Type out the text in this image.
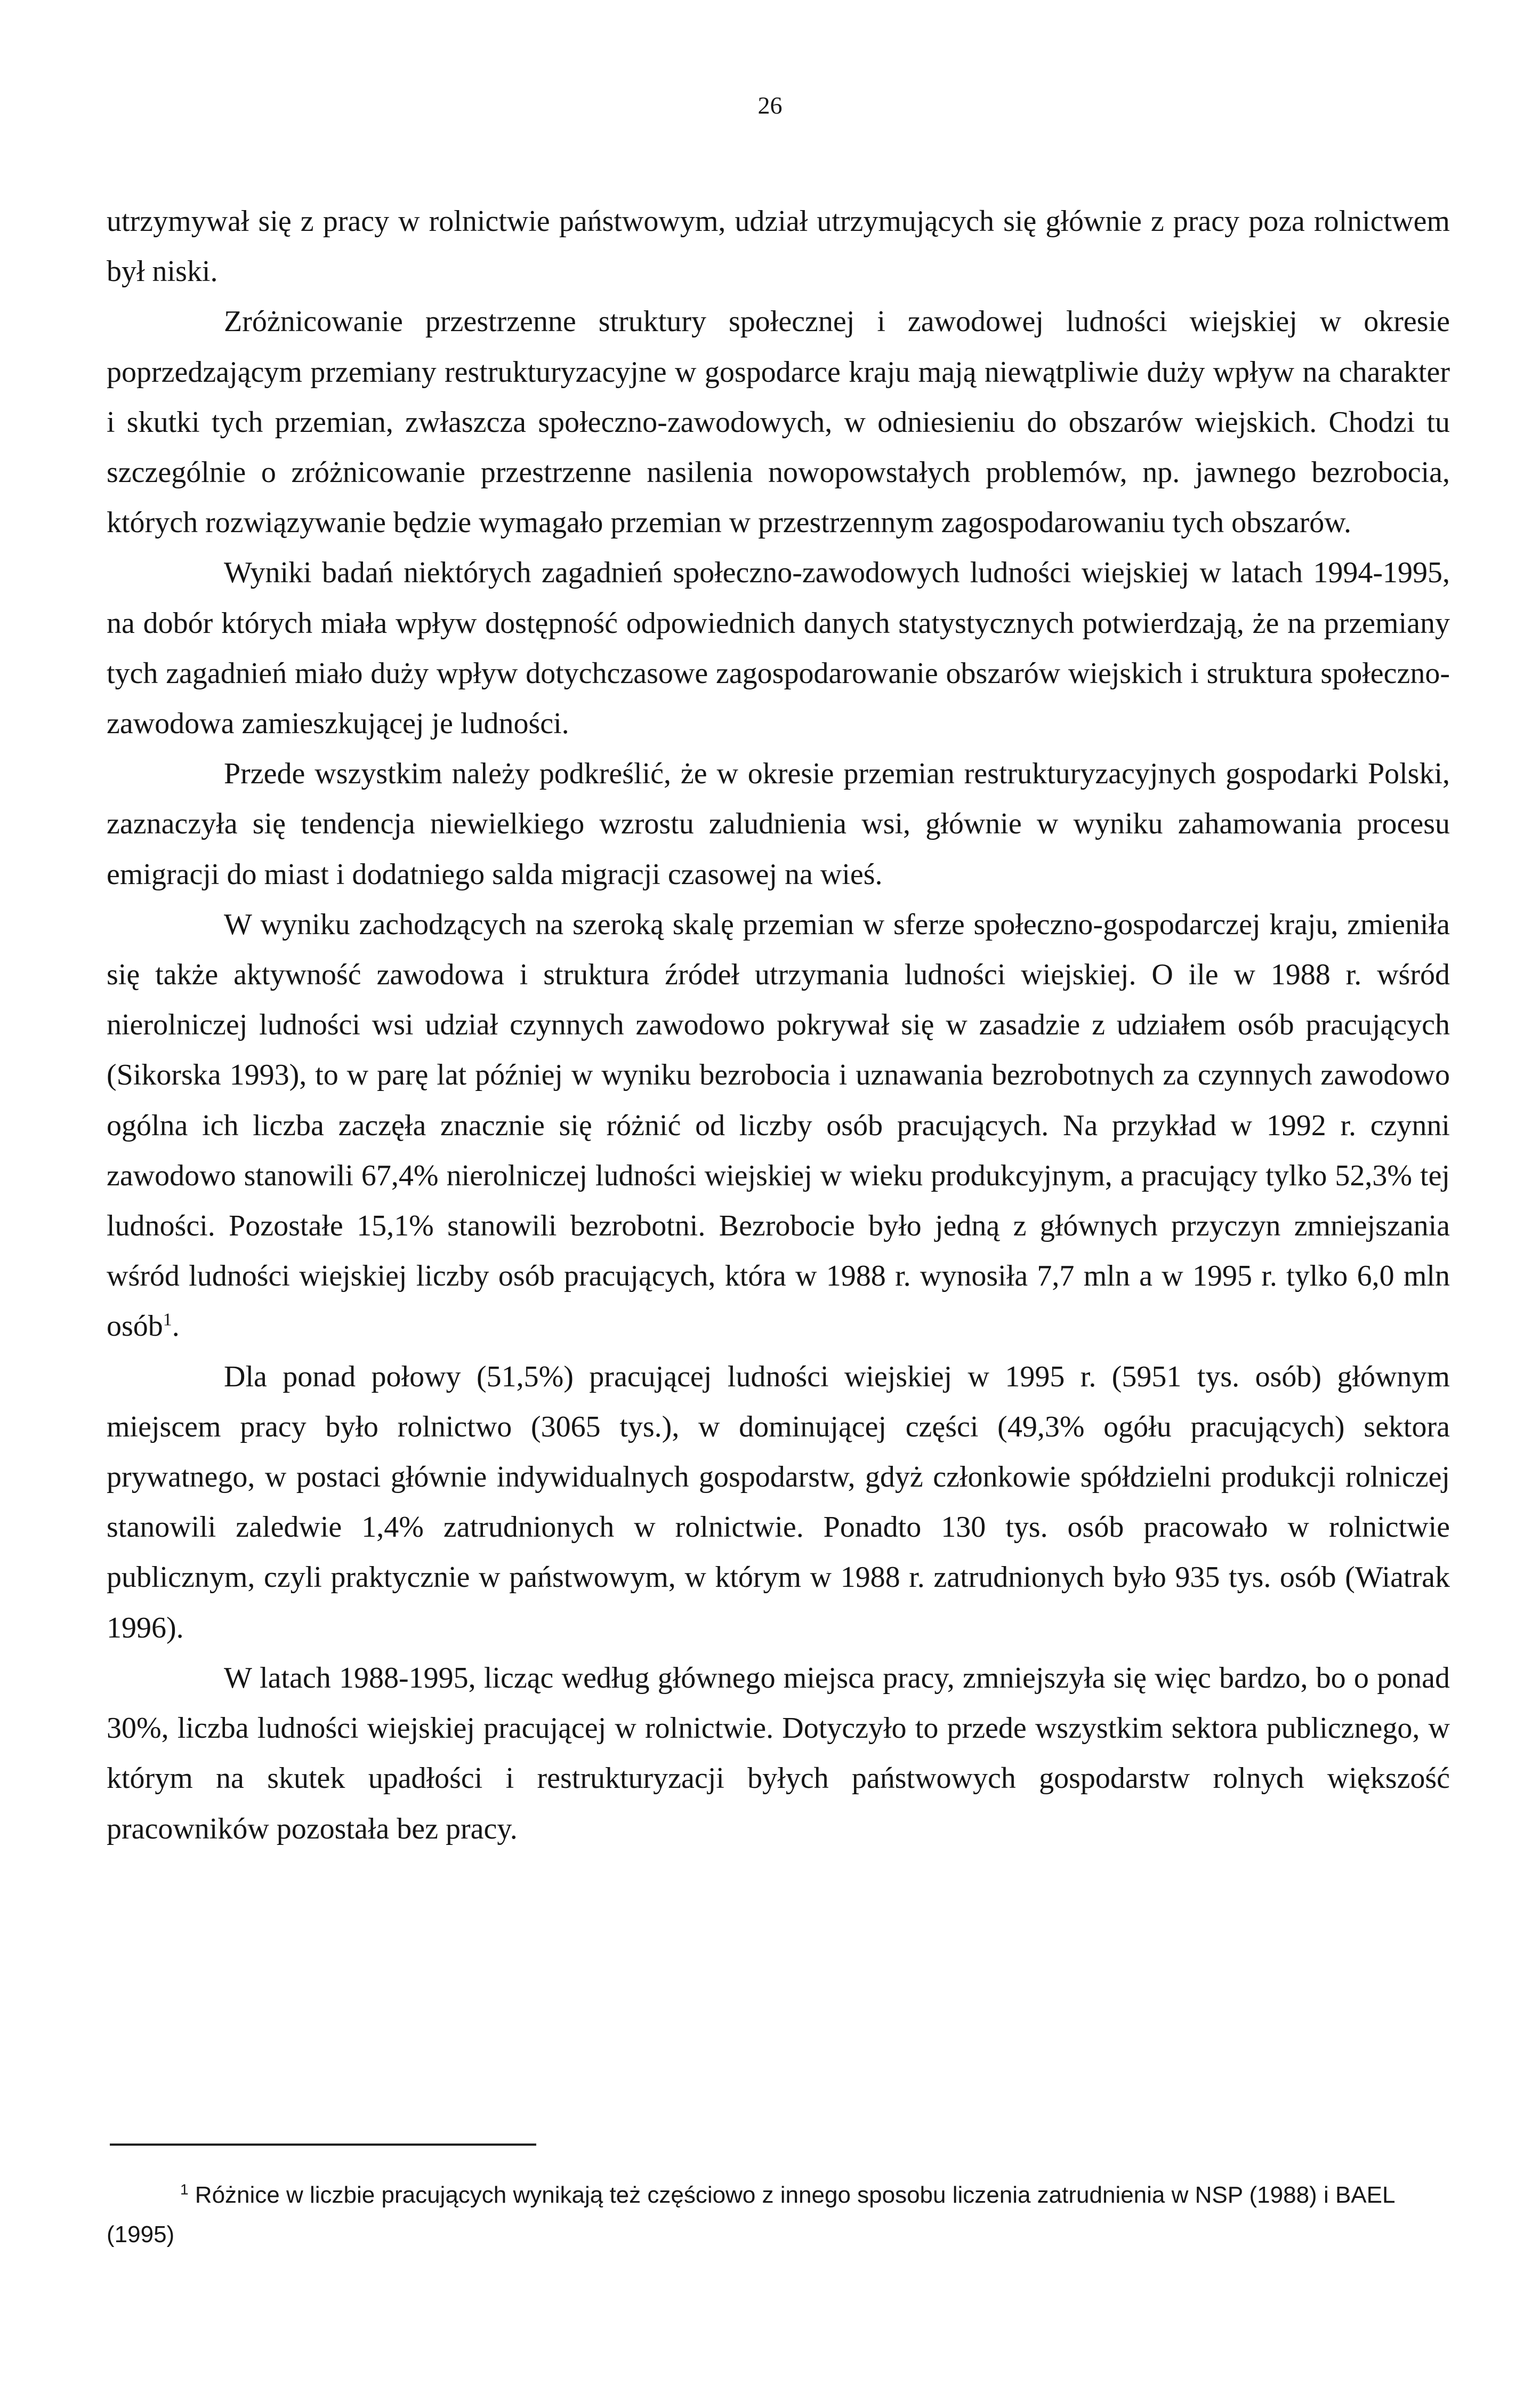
26

utrzymywał się z pracy w rolnictwie państwowym, udział utrzymujących się głównie z pracy poza rolnictwem był niski.

Zróżnicowanie przestrzenne struktury społecznej i zawodowej ludności wiejskiej w okresie poprzedzającym przemiany restrukturyzacyjne w gospodarce kraju mają niewątpliwie duży wpływ na charakter i skutki tych przemian, zwłaszcza społeczno-zawodowych, w odniesieniu do obszarów wiejskich. Chodzi tu szczególnie o zróżnicowanie przestrzenne nasilenia nowopowstałych problemów, np. jawnego bezrobocia, których rozwiązywanie będzie wymagało przemian w przestrzennym zagospodarowaniu tych obszarów.

Wyniki badań niektórych zagadnień społeczno-zawodowych ludności wiejskiej w latach 1994-1995, na dobór których miała wpływ dostępność odpowiednich danych statystycznych potwierdzają, że na przemiany tych zagadnień miało duży wpływ dotychczasowe zagospodarowanie obszarów wiejskich i struktura społeczno-zawodowa zamieszkującej je ludności.

Przede wszystkim należy podkreślić, że w okresie przemian restrukturyzacyjnych gospodarki Polski, zaznaczyła się tendencja niewielkiego wzrostu zaludnienia wsi, głównie w wyniku zahamowania procesu emigracji do miast i dodatniego salda migracji czasowej na wieś.

W wyniku zachodzących na szeroką skalę przemian w sferze społeczno-gospodarczej kraju, zmieniła się także aktywność zawodowa i struktura źródeł utrzymania ludności wiejskiej. O ile w 1988 r. wśród nierolniczej ludności wsi udział czynnych zawodowo pokrywał się w zasadzie z udziałem osób pracujących (Sikorska 1993), to w parę lat później w wyniku bezrobocia i uznawania bezrobotnych za czynnych zawodowo ogólna ich liczba zaczęła znacznie się różnić od liczby osób pracujących. Na przykład w 1992 r. czynni zawodowo stanowili 67,4% nierolniczej ludności wiejskiej w wieku produkcyjnym, a pracujący tylko 52,3% tej ludności. Pozostałe 15,1% stanowili bezrobotni. Bezrobocie było jedną z głównych przyczyn zmniejszania wśród ludności wiejskiej liczby osób pracujących, która w 1988 r. wynosiła 7,7 mln a w 1995 r. tylko 6,0 mln osób$^1$.

Dla ponad połowy (51,5%) pracującej ludności wiejskiej w 1995 r. (5951 tys. osób) głównym miejscem pracy było rolnictwo (3065 tys.), w dominującej części (49,3% ogółu pracujących) sektora prywatnego, w postaci głównie indywidualnych gospodarstw, gdyż członkowie spółdzielni produkcji rolniczej stanowili zaledwie 1,4% zatrudnionych w rolnictwie. Ponadto 130 tys. osób pracowało w rolnictwie publicznym, czyli praktycznie w państwowym, w którym w 1988 r. zatrudnionych było 935 tys. osób (Wiatrak 1996).

W latach 1988-1995, licząc według głównego miejsca pracy, zmniejszyła się więc bardzo, bo o ponad 30%, liczba ludności wiejskiej pracującej w rolnictwie. Dotyczyło to przede wszystkim sektora publicznego, w którym na skutek upadłości i restrukturyzacji byłych państwowych gospodarstw rolnych większość pracowników pozostała bez pracy.

$^1$ Różnice w liczbie pracujących wynikają też częściowo z innego sposobu liczenia zatrudnienia w NSP (1988) i BAEL (1995)
